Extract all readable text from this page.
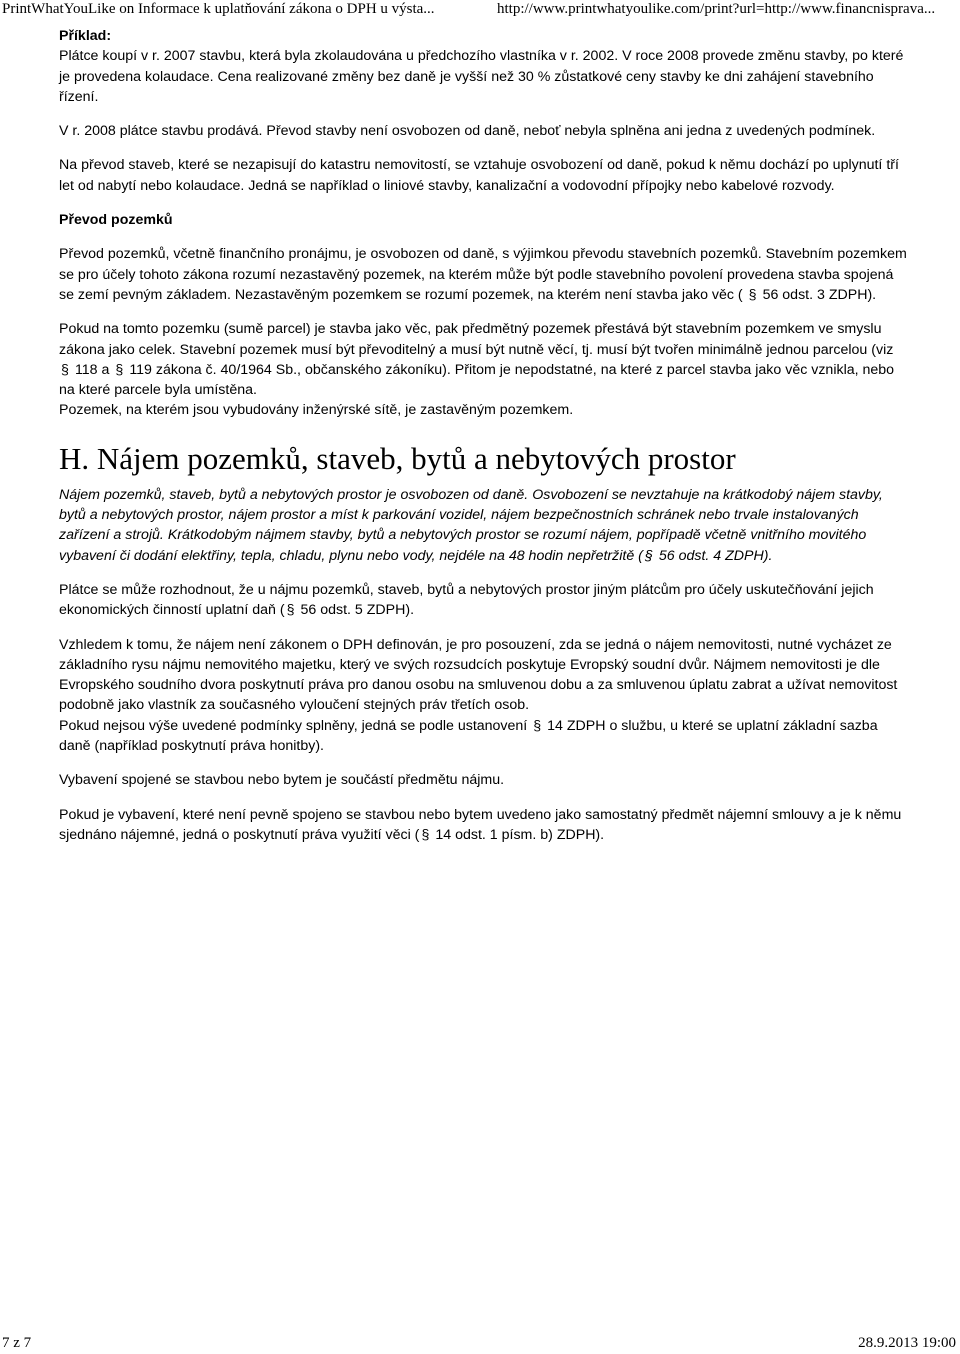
PrintWhatYouLike on Informace k uplatňování zákona o DPH u výsta...	http://www.printwhatyoulike.com/print?url=http://www.financnisprava...

Příklad:

Plátce koupí v r. 2007 stavbu, která byla zkolaudována u předchozího vlastníka v r. 2002. V roce 2008 provede změnu stavby, po které je provedena kolaudace. Cena realizované změny bez daně je vyšší než 30 % zůstatkové ceny stavby ke dni zahájení stavebního řízení.

V r. 2008 plátce stavbu prodává. Převod stavby není osvobozen od daně, neboť nebyla splněna ani jedna z uvedených podmínek.

Na převod staveb, které se nezapisují do katastru nemovitostí, se vztahuje osvobození od daně, pokud k němu dochází po uplynutí tří let od nabytí nebo kolaudace. Jedná se například o liniové stavby, kanalizační a vodovodní přípojky nebo kabelové rozvody.

Převod pozemků

Převod pozemků, včetně finančního pronájmu, je osvobozen od daně, s výjimkou převodu stavebních pozemků. Stavebním pozemkem se pro účely tohoto zákona rozumí nezastavěný pozemek, na kterém může být podle stavebního povolení provedena stavba spojená se zemí pevným základem. Nezastavěným pozemkem se rozumí pozemek, na kterém není stavba jako věc ( § 56 odst. 3 ZDPH).

Pokud na tomto pozemku (sumě parcel) je stavba jako věc, pak předmětný pozemek přestává být stavebním pozemkem ve smyslu zákona jako celek. Stavební pozemek musí být převoditelný a musí být nutně věcí, tj. musí být tvořen minimálně jednou parcelou (viz § 118 a § 119 zákona č. 40/1964 Sb., občanského zákoníku). Přitom je nepodstatné, na které z parcel stavba jako věc vznikla, nebo na které parcele byla umístěna.

Pozemek, na kterém jsou vybudovány inženýrské sítě, je zastavěným pozemkem.

H. Nájem pozemků, staveb, bytů a nebytových prostor

Nájem pozemků, staveb, bytů a nebytových prostor je osvobozen od daně. Osvobození se nevztahuje na krátkodobý nájem stavby, bytů a nebytových prostor, nájem prostor a míst k parkování vozidel, nájem bezpečnostních schránek nebo trvale instalovaných zařízení a strojů. Krátkodobým nájmem stavby, bytů a nebytových prostor se rozumí nájem, popřípadě včetně vnitřního movitého vybavení či dodání elektřiny, tepla, chladu, plynu nebo vody, nejdéle na 48 hodin nepřetržitě ( § 56 odst. 4 ZDPH).

Plátce se může rozhodnout, že u nájmu pozemků, staveb, bytů a nebytových prostor jiným plátcům pro účely uskutečňování jejich ekonomických činností uplatní daň ( § 56 odst. 5 ZDPH).

Vzhledem k tomu, že nájem není zákonem o DPH definován, je pro posouzení, zda se jedná o nájem nemovitosti, nutné vycházet ze základního rysu nájmu nemovitého majetku, který ve svých rozsudcích poskytuje Evropský soudní dvůr. Nájmem nemovitosti je dle Evropského soudního dvora poskytnutí práva pro danou osobu na smluvenou dobu a za smluvenou úplatu zabrat a užívat nemovitost podobně jako vlastník za současného vyloučení stejných práv třetích osob.

Pokud nejsou výše uvedené podmínky splněny, jedná se podle ustanovení § 14 ZDPH o službu, u které se uplatní základní sazba daně (například poskytnutí práva honitby).

Vybavení spojené se stavbou nebo bytem je součástí předmětu nájmu.

Pokud je vybavení, které není pevně spojeno se stavbou nebo bytem uvedeno jako samostatný předmět nájemní smlouvy a je k němu sjednáno nájemné, jedná o poskytnutí práva využití věci ( § 14 odst. 1 písm. b) ZDPH).

7 z 7	28.9.2013 19:00
